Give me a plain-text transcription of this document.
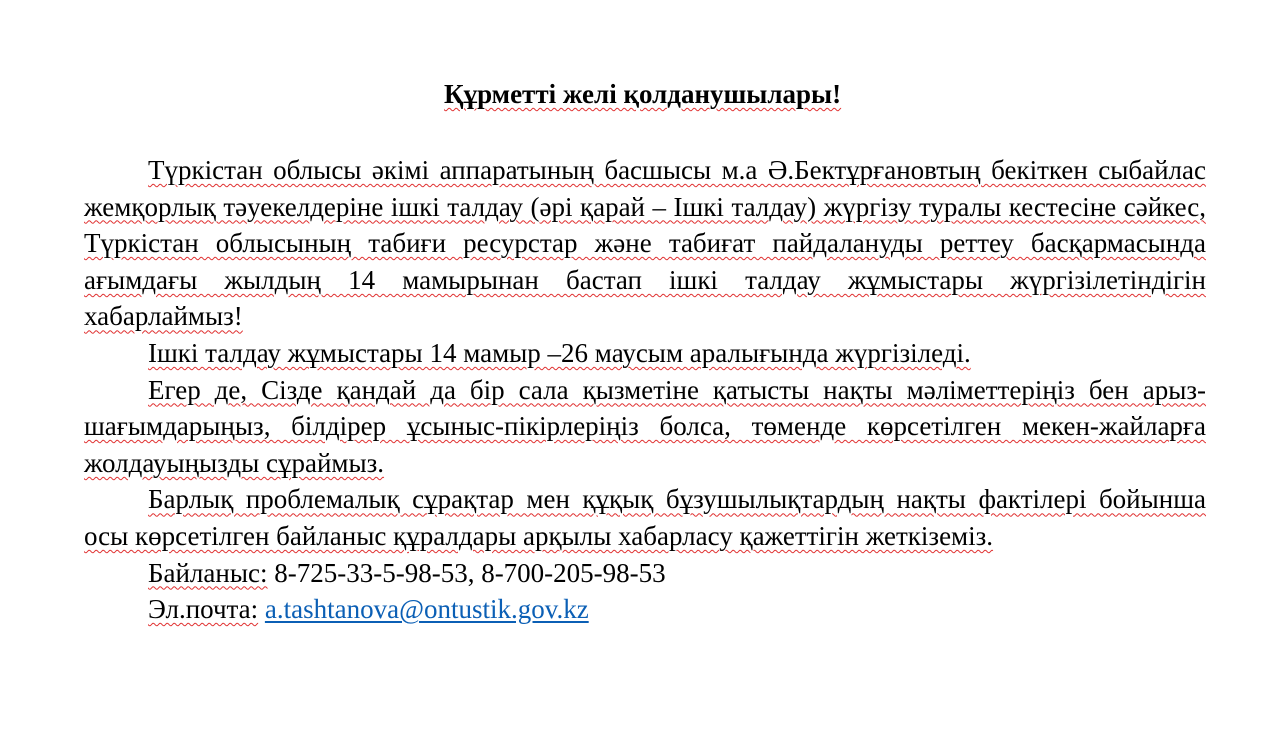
Құрметті желі қолданушылары!

Түркістан облысы әкімі аппаратының басшысы м.а Ә.Бектұрғановтың бекіткен сыбайлас жемқорлық тәуекелдеріне ішкі талдау (әрі қарай – Ішкі талдау) жүргізу туралы кестесіне сәйкес, Түркістан облысының табиғи ресурстар және табиғат пайдалануды реттеу басқармасында ағымдағы жылдың 14 мамырынан бастап ішкі талдау жұмыстары жүргізілетіндігін хабарлаймыз!

Ішкі талдау жұмыстары 14 мамыр –26 маусым аралығында жүргізіледі.

Егер де, Сізде қандай да бір сала қызметіне қатысты нақты мәліметтеріңіз бен арыз-шағымдарыңыз, білдірер ұсыныс-пікірлеріңіз болса, төменде көрсетілген мекен-жайларға жолдауыңызды сұраймыз.

Барлық проблемалық сұрақтар мен құқық бұзушылықтардың нақты фактілері бойынша осы көрсетілген байланыс құралдары арқылы хабарласу қажеттігін жеткіземіз.

Байланыс: 8-725-33-5-98-53, 8-700-205-98-53

Эл.почта: a.tashtanova@ontustik.gov.kz
